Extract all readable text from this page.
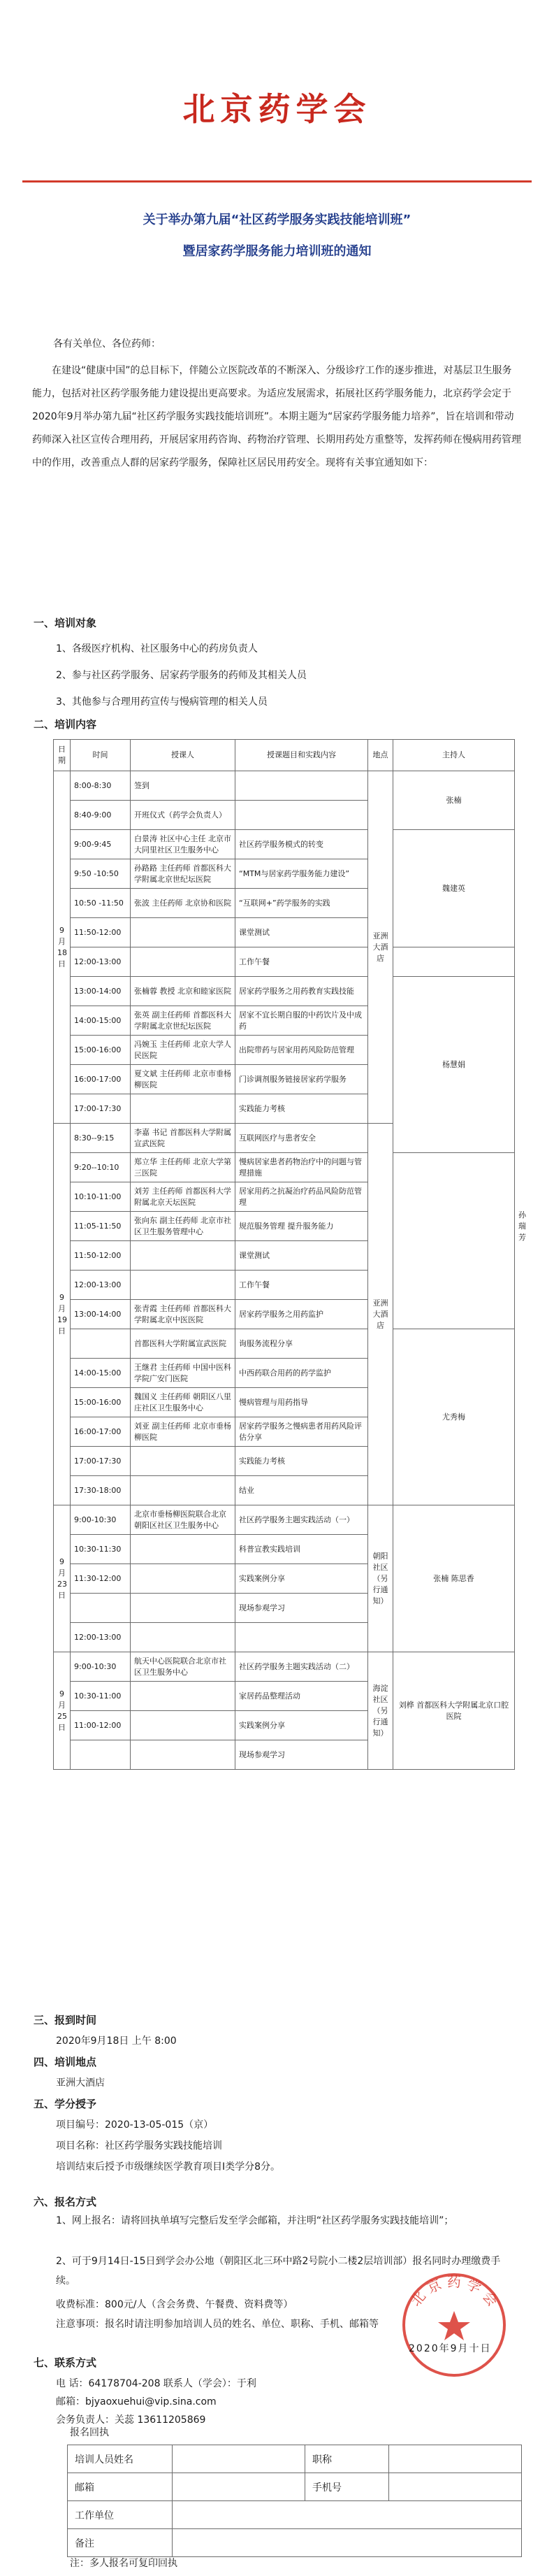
北京药学会
关于举办第九届“社区药学服务实践技能培训班”
暨居家药学服务能力培训班的通知
各有关单位、各位药师：
在建设“健康中国”的总目标下，伴随公立医院改革的不断深入、分级诊疗工作的逐步推进，对基层卫生服务能力，包括对社区药学服务能力建设提出更高要求。为适应发展需求，拓展社区药学服务能力，北京药学会定于2020年9月举办第九届“社区药学服务实践技能培训班”。本期主题为“居家药学服务能力培养”，旨在培训和带动药师深入社区宣传合理用药，开展居家用药咨询、药物治疗管理、长期用药处方重整等，发挥药师在慢病用药管理中的作用，改善重点人群的居家药学服务，保障社区居民用药安全。现将有关事宜通知如下：
一、培训对象
1、各级医疗机构、社区服务中心的药房负责人
2、参与社区药学服务、居家药学服务的药师及其相关人员
3、其他参与合理用药宣传与慢病管理的相关人员
二、培训内容
日期	时间	授课人	授课题目和实践内容	地点	主持人	
9月18日	8:00-8:30	签到		亚洲大酒店	张楠	
	8:40-9:00	开班仪式（药学会负责人）				
	9:00-9:45	白景涛 社区中心主任 北京市大同里社区卫生服务中心	社区药学服务模式的转变		魏建英	
	9:50 -10:50	孙路路 主任药师 首都医科大学附属北京世纪坛医院	“MTM与居家药学服务能力建设”			
	10:50 -11:50	张波 主任药师 北京协和医院	“互联网+”药学服务的实践			
	11:50-12:00		课堂测试			
	12:00-13:00		工作午餐			
	13:00-14:00	张楠蓉 教授 北京和睦家医院	居家药学服务之用药教育实践技能		杨慧娟	
	14:00-15:00	张英 副主任药师 首都医科大学附属北京世纪坛医院	居家不宜长期自服的中药饮片及中成药			
	15:00-16:00	冯婉玉 主任药师 北京大学人民医院	出院带药与居家用药风险防范管理			
	16:00-17:00	夏文斌 主任药师 北京市垂杨柳医院	门诊调剂服务链接居家药学服务			
	17:00-17:30		实践能力考核			
9月19日	8:30--9:15	李嘉 书记 首都医科大学附属宣武医院	互联网医疗与患者安全	亚洲大酒店		孙瑞芳
	9:20--10:10	郑立华 主任药师 北京大学第三医院	慢病居家患者药物治疗中的问题与管理措施			
	10:10-11:00	刘芳 主任药师 首都医科大学附属北京天坛医院	居家用药之抗凝治疗药品风险防范管理			
	11:05-11:50	张向东 副主任药师 北京市社区卫生服务管理中心	规范服务管理 提升服务能力			
	11:50-12:00		课堂测试			
	12:00-13:00		工作午餐			
	13:00-14:00	张青霞 主任药师 首都医科大学附属北京中医医院	居家药学服务之用药监护			
		首都医科大学附属宣武医院	询服务流程分享		尤秀梅	
	14:00-15:00	王继君 主任药师 中国中医科学院广安门医院	中西药联合用药的药学监护			
	15:00-16:00	魏国义 主任药师 朝阳区八里庄社区卫生服务中心	慢病管理与用药指导			
	16:00-17:00	刘亚 副主任药师 北京市垂杨柳医院	居家药学服务之慢病患者用药风险评估分享			
	17:00-17:30		实践能力考核			
	17:30-18:00		结业			
9月23日	9:00-10:30	北京市垂杨柳医院联合北京朝阳区社区卫生服务中心	社区药学服务主题实践活动（一）	朝阳社区（另行通知）	张楠 陈思香	
	10:30-11:30		科普宣教实践培训			
	11:30-12:00		实践案例分享			
			现场参观学习			
	12:00-13:00					
9月25日	9:00-10:30	航天中心医院联合北京市社区卫生服务中心	社区药学服务主题实践活动（二）	海淀社区（另行通知）	刘桦 首都医科大学附属北京口腔医院	
	10:30-11:00		家居药品整理活动			
	11:00-12:00		实践案例分享			
			现场参观学习			
三、报到时间
2020年9月18日 上午 8:00
四、培训地点
亚洲大酒店
五、学分授予
项目编号：2020-13-05-015（京）
项目名称：社区药学服务实践技能培训
培训结束后授予市级继续医学教育项目I类学分8分。
六、报名方式
1、网上报名：请将回执单填写完整后发至学会邮箱，并注明“社区药学服务实践技能培训”；
2、可于9月14日-15日到学会办公地（朝阳区北三环中路2号院小二楼2层培训部）报名同时办理缴费手续。
收费标准：800元/人（含会务费、午餐费、资料费等）
注意事项：报名时请注明参加培训人员的姓名、单位、职称、手机、邮箱等
七、联系方式
电 话：64178704-208 联系人（学会）：于利
邮箱：bjyaoxuehui@vip.sina.com
会务负责人：关蕊 13611205869
北 京 药 学 会
2020年9月十日
报名回执
培训人员姓名		职称	
邮箱		手机号	
工作单位			
备注			
注：多人报名可复印回执
